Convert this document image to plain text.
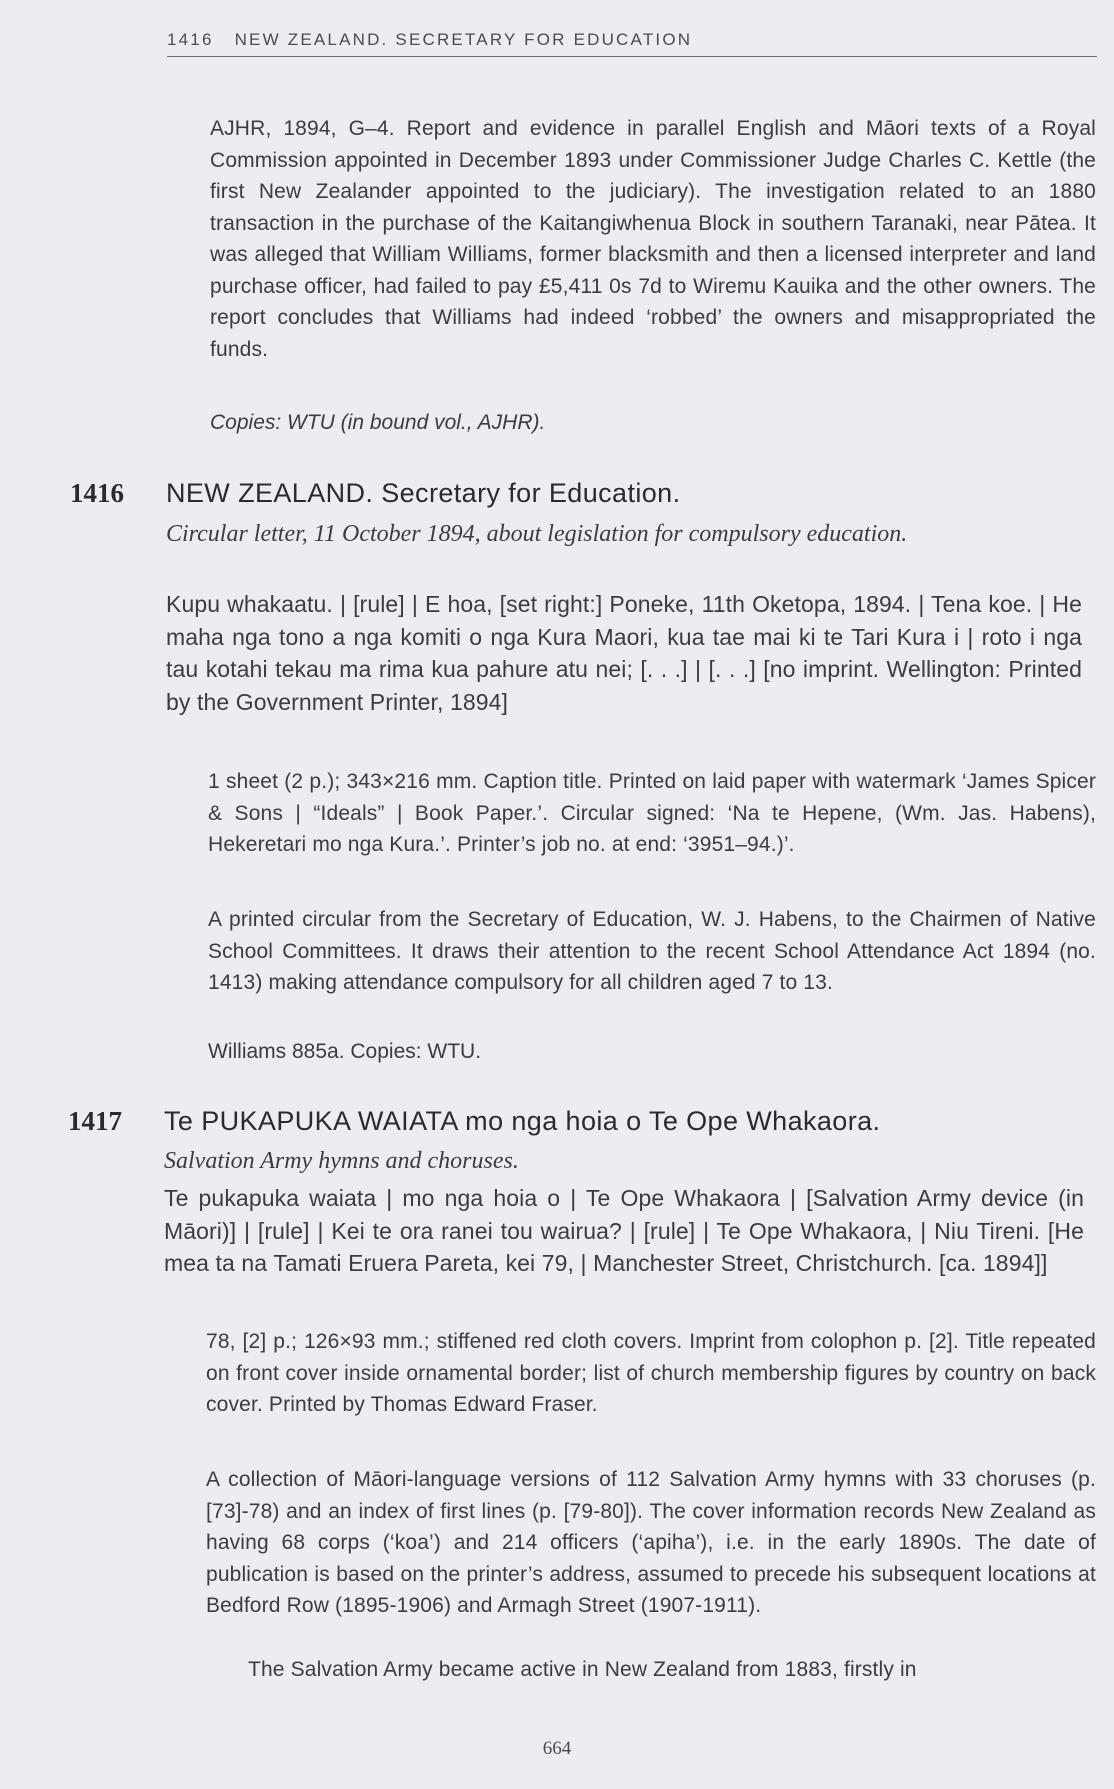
1416 NEW ZEALAND. SECRETARY FOR EDUCATION

AJHR, 1894, G–4. Report and evidence in parallel English and Māori texts of a Royal Commission appointed in December 1893 under Commissioner Judge Charles C. Kettle (the first New Zealander appointed to the judiciary). The investigation related to an 1880 transaction in the purchase of the Kaitangiwhenua Block in southern Taranaki, near Pātea. It was alleged that William Williams, former blacksmith and then a licensed interpreter and land purchase officer, had failed to pay £5,411 0s 7d to Wiremu Kauika and the other owners. The report concludes that Williams had indeed ‘robbed’ the owners and misappropriated the funds.

Copies: WTU (in bound vol., AJHR).

1416 NEW ZEALAND. Secretary for Education.

Circular letter, 11 October 1894, about legislation for compulsory education.

Kupu whakaatu. | [rule] | E hoa, [set right:] Poneke, 11th Oketopa, 1894. | Tena koe. | He maha nga tono a nga komiti o nga Kura Maori, kua tae mai ki te Tari Kura i | roto i nga tau kotahi tekau ma rima kua pahure atu nei; [. . .] | [. . .] [no imprint. Wellington: Printed by the Government Printer, 1894]

1 sheet (2 p.); 343×216 mm. Caption title. Printed on laid paper with watermark ‘James Spicer & Sons | “Ideals” | Book Paper.’. Circular signed: ‘Na te Hepene, (Wm. Jas. Habens), Hekeretari mo nga Kura.’. Printer’s job no. at end: ‘3951–94.)’.

A printed circular from the Secretary of Education, W. J. Habens, to the Chairmen of Native School Committees. It draws their attention to the recent School Attendance Act 1894 (no. 1413) making attendance compulsory for all children aged 7 to 13.

Williams 885a. Copies: WTU.

1417 Te PUKAPUKA WAIATA mo nga hoia o Te Ope Whakaora.

Salvation Army hymns and choruses.

Te pukapuka waiata | mo nga hoia o | Te Ope Whakaora | [Salvation Army device (in Māori)] | [rule] | Kei te ora ranei tou wairua? | [rule] | Te Ope Whakaora, | Niu Tireni. [He mea ta na Tamati Eruera Pareta, kei 79, | Manchester Street, Christchurch. [ca. 1894]]

78, [2] p.; 126×93 mm.; stiffened red cloth covers. Imprint from colophon p. [2]. Title repeated on front cover inside ornamental border; list of church membership figures by country on back cover. Printed by Thomas Edward Fraser.

A collection of Māori-language versions of 112 Salvation Army hymns with 33 choruses (p. [73]-78) and an index of first lines (p. [79-80]). The cover information records New Zealand as having 68 corps (‘koa’) and 214 officers (‘apiha’), i.e. in the early 1890s. The date of publication is based on the printer’s address, assumed to precede his subsequent locations at Bedford Row (1895-1906) and Armagh Street (1907-1911).

The Salvation Army became active in New Zealand from 1883, firstly in

664
